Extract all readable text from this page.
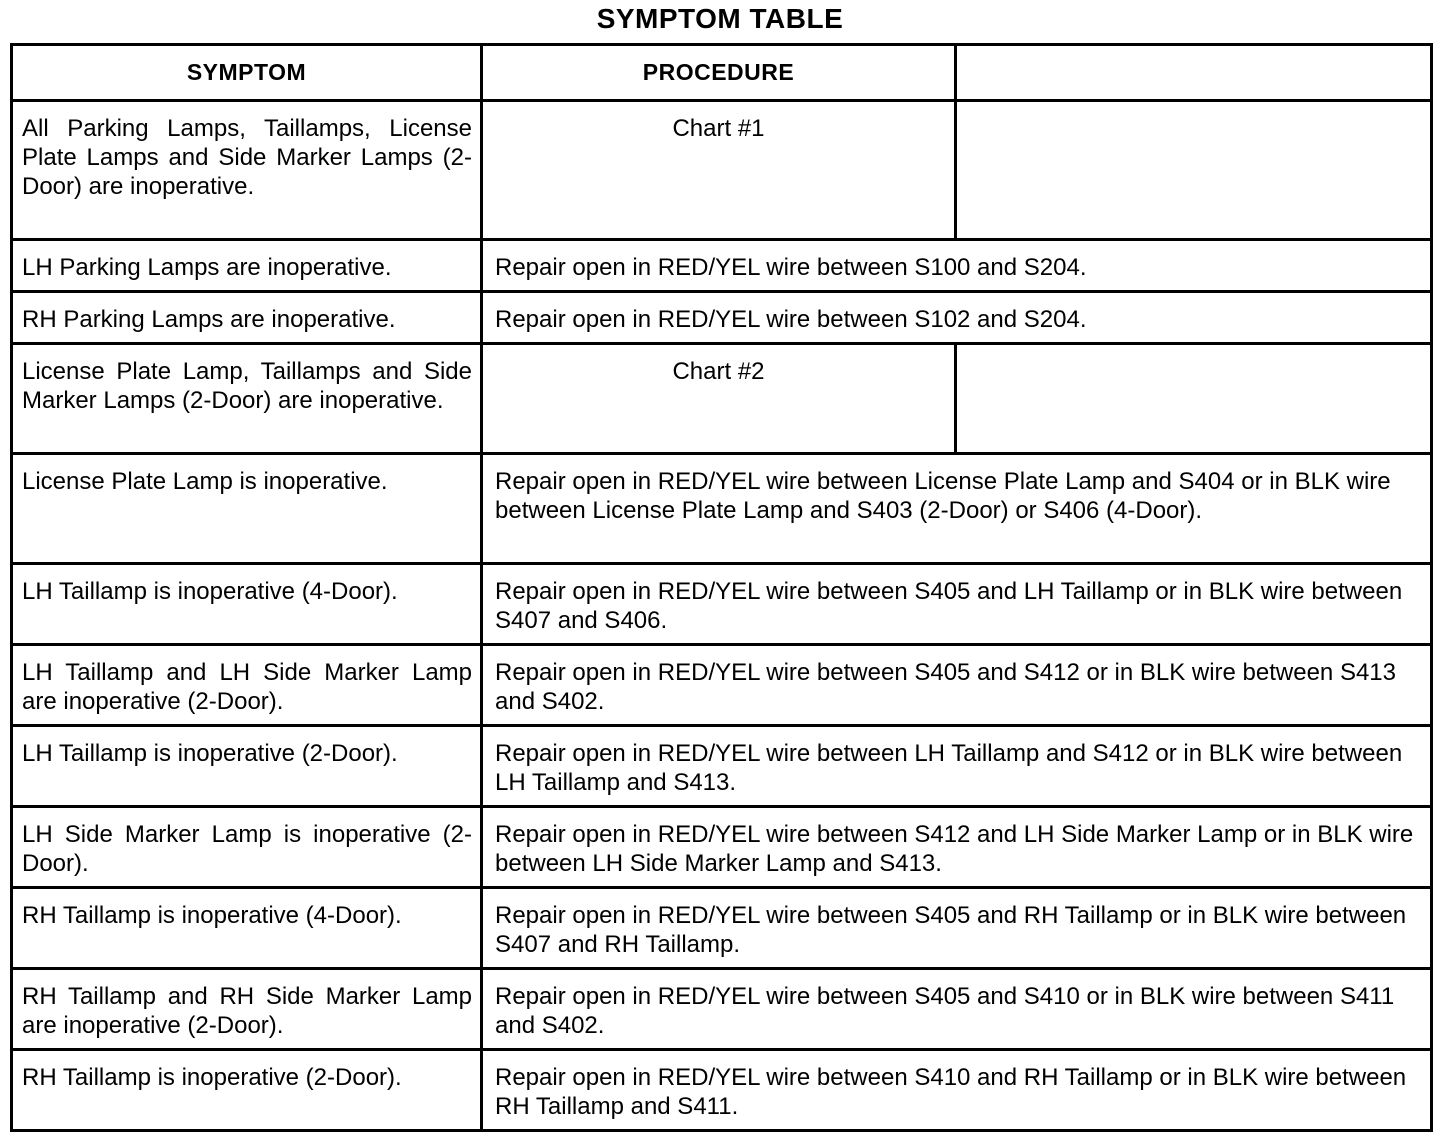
SYMPTOM TABLE
SYMPTOM	PROCEDURE	
All Parking Lamps, Taillamps, License Plate Lamps and Side Marker Lamps (2-Door) are inoperative.	Chart #1	
LH Parking Lamps are inoperative.	Repair open in RED/YEL wire between S100 and S204.	
RH Parking Lamps are inoperative.	Repair open in RED/YEL wire between S102 and S204.	
License Plate Lamp, Taillamps and Side Marker Lamps (2-Door) are inoperative.	Chart #2	
License Plate Lamp is inoperative.	Repair open in RED/YEL wire between License Plate Lamp and S404 or in BLK wire between License Plate Lamp and S403 (2-Door) or S406 (4-Door).	
LH Taillamp is inoperative (4-Door).	Repair open in RED/YEL wire between S405 and LH Taillamp or in BLK wire between S407 and S406.	
LH Taillamp and LH Side Marker Lamp are inoperative (2-Door).	Repair open in RED/YEL wire between S405 and S412 or in BLK wire between S413 and S402.	
LH Taillamp is inoperative (2-Door).	Repair open in RED/YEL wire between LH Taillamp and S412 or in BLK wire between LH Taillamp and S413.	
LH Side Marker Lamp is inoperative (2-Door).	Repair open in RED/YEL wire between S412 and LH Side Marker Lamp or in BLK wire between LH Side Marker Lamp and S413.	
RH Taillamp is inoperative (4-Door).	Repair open in RED/YEL wire between S405 and RH Taillamp or in BLK wire between S407 and RH Taillamp.	
RH Taillamp and RH Side Marker Lamp are inoperative (2-Door).	Repair open in RED/YEL wire between S405 and S410 or in BLK wire between S411 and S402.	
RH Taillamp is inoperative (2-Door).	Repair open in RED/YEL wire between S410 and RH Taillamp or in BLK wire between RH Taillamp and S411.	
